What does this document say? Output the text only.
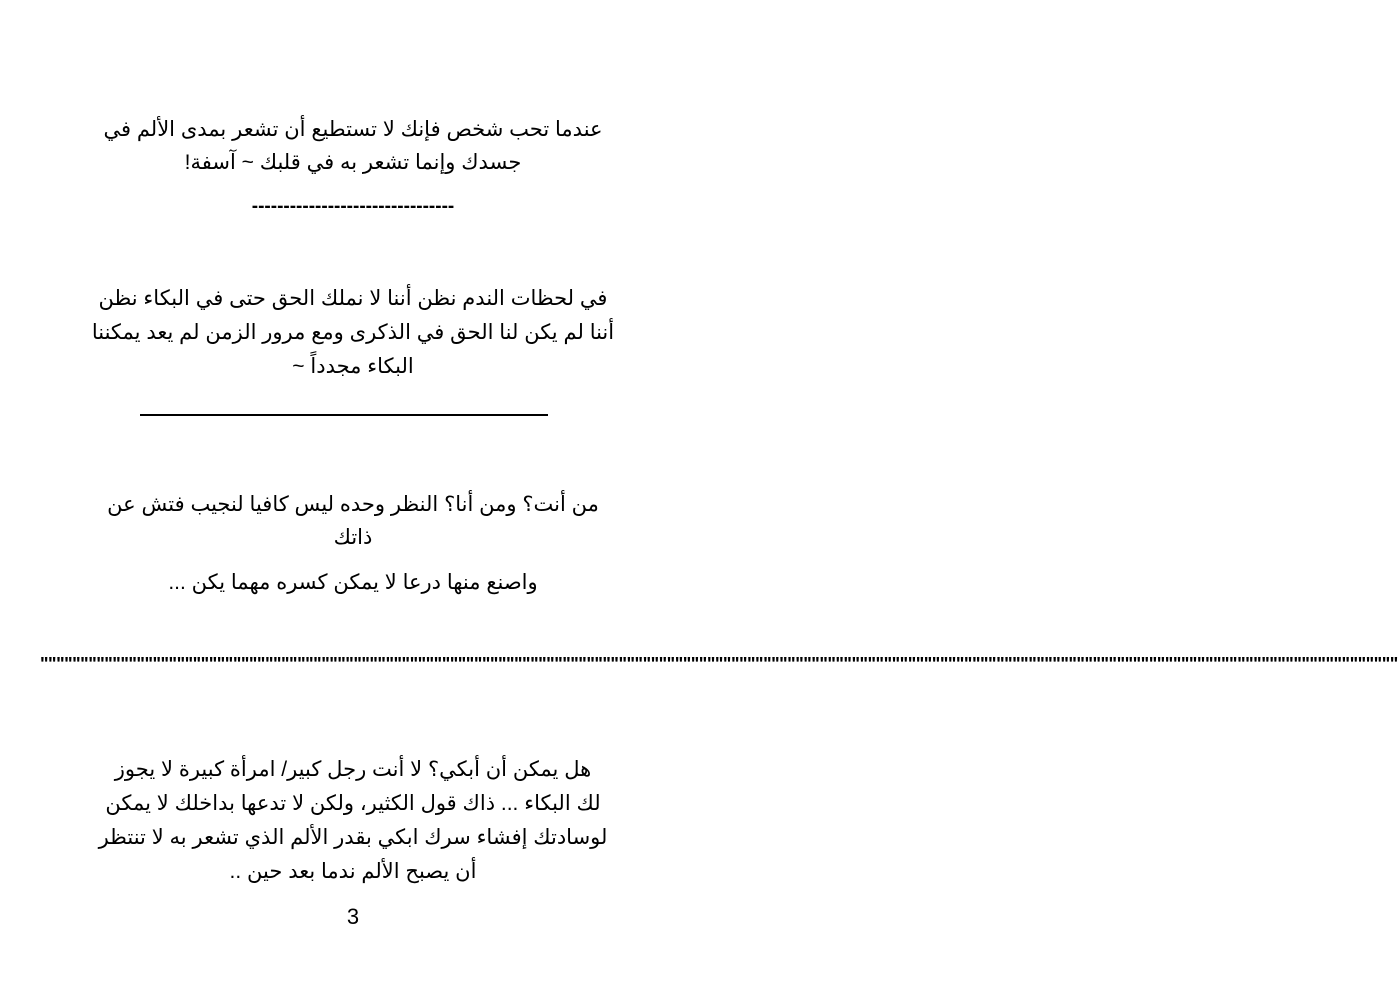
عندما تحب شخص فإنك لا تستطيع أن تشعر بمدى الألم في
جسدك وإنما تشعر به في قلبك ~ آسفة!
--------------------------------
في لحظات الندم نظن أننا لا نملك الحق حتى في البكاء نظن
أننا لم يكن لنا الحق في الذكرى ومع مرور الزمن لم يعد يمكننا
البكاء مجدداً ~
من أنت؟ ومن أنا؟ النظر وحده ليس كافيا لنجيب فتش عن
ذاتك
واصنع منها درعا لا يمكن كسره مهما يكن ...
"""""""""""""""""""""""""""""""""""""""""""""""""""""""""""""""""""""""""""""""""""""""""""""""""""""""""""""""""""""""""""""""""""""""""""""""""""""""""""""""""""""""""
هل يمكن أن أبكي؟ لا أنت رجل كبير/ امرأة كبيرة لا يجوز
لك البكاء ... ذاك قول الكثير، ولكن لا تدعها بداخلك لا يمكن
لوسادتك إفشاء سرك ابكي بقدر الألم الذي تشعر به لا تنتظر
أن يصبح الألم ندما بعد حين ..
3
